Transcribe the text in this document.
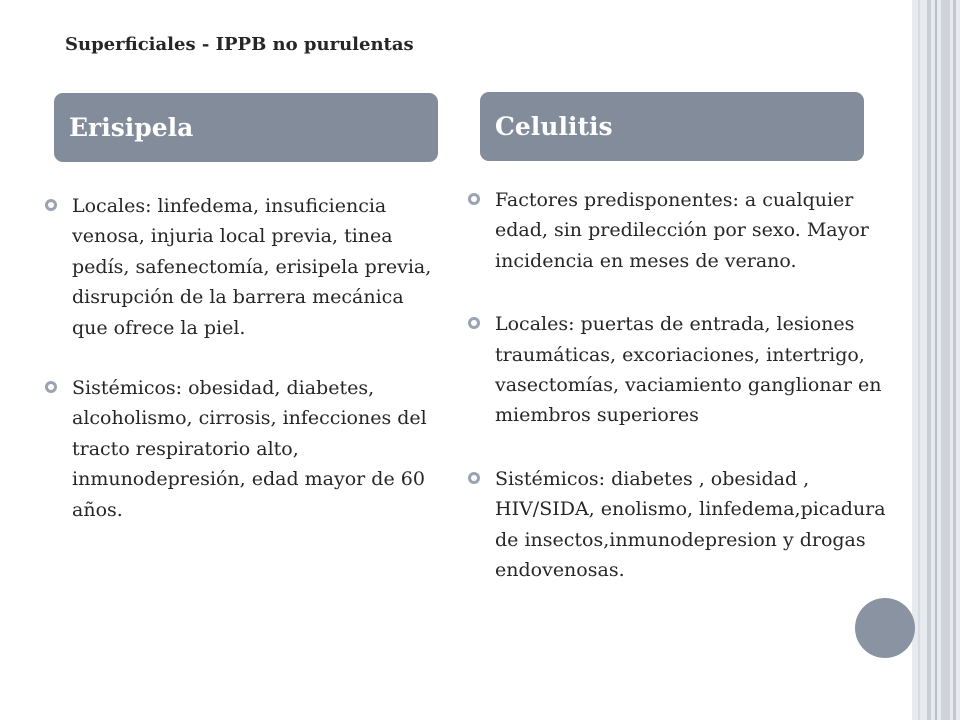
Superficiales - IPPB no purulentas
Erisipela	Celulitis
Locales: linfedema, insuficiencia venosa, injuria local previa, tinea pedís, safenectomía, erisipela previa, disrupción de la barrera mecánica que ofrece la piel.
Sistémicos: obesidad, diabetes, alcoholismo, cirrosis, infecciones del tracto respiratorio alto, inmunodepresión, edad mayor de 60 años.
Factores predisponentes: a cualquier edad, sin predilección por sexo. Mayor incidencia en meses de verano.
Locales: puertas de entrada, lesiones traumáticas, excoriaciones, intertrigo, vasectomías, vaciamiento ganglionar en miembros superiores
Sistémicos: diabetes , obesidad , HIV/SIDA, enolismo, linfedema,picadura de insectos,inmunodepresion y drogas endovenosas.
